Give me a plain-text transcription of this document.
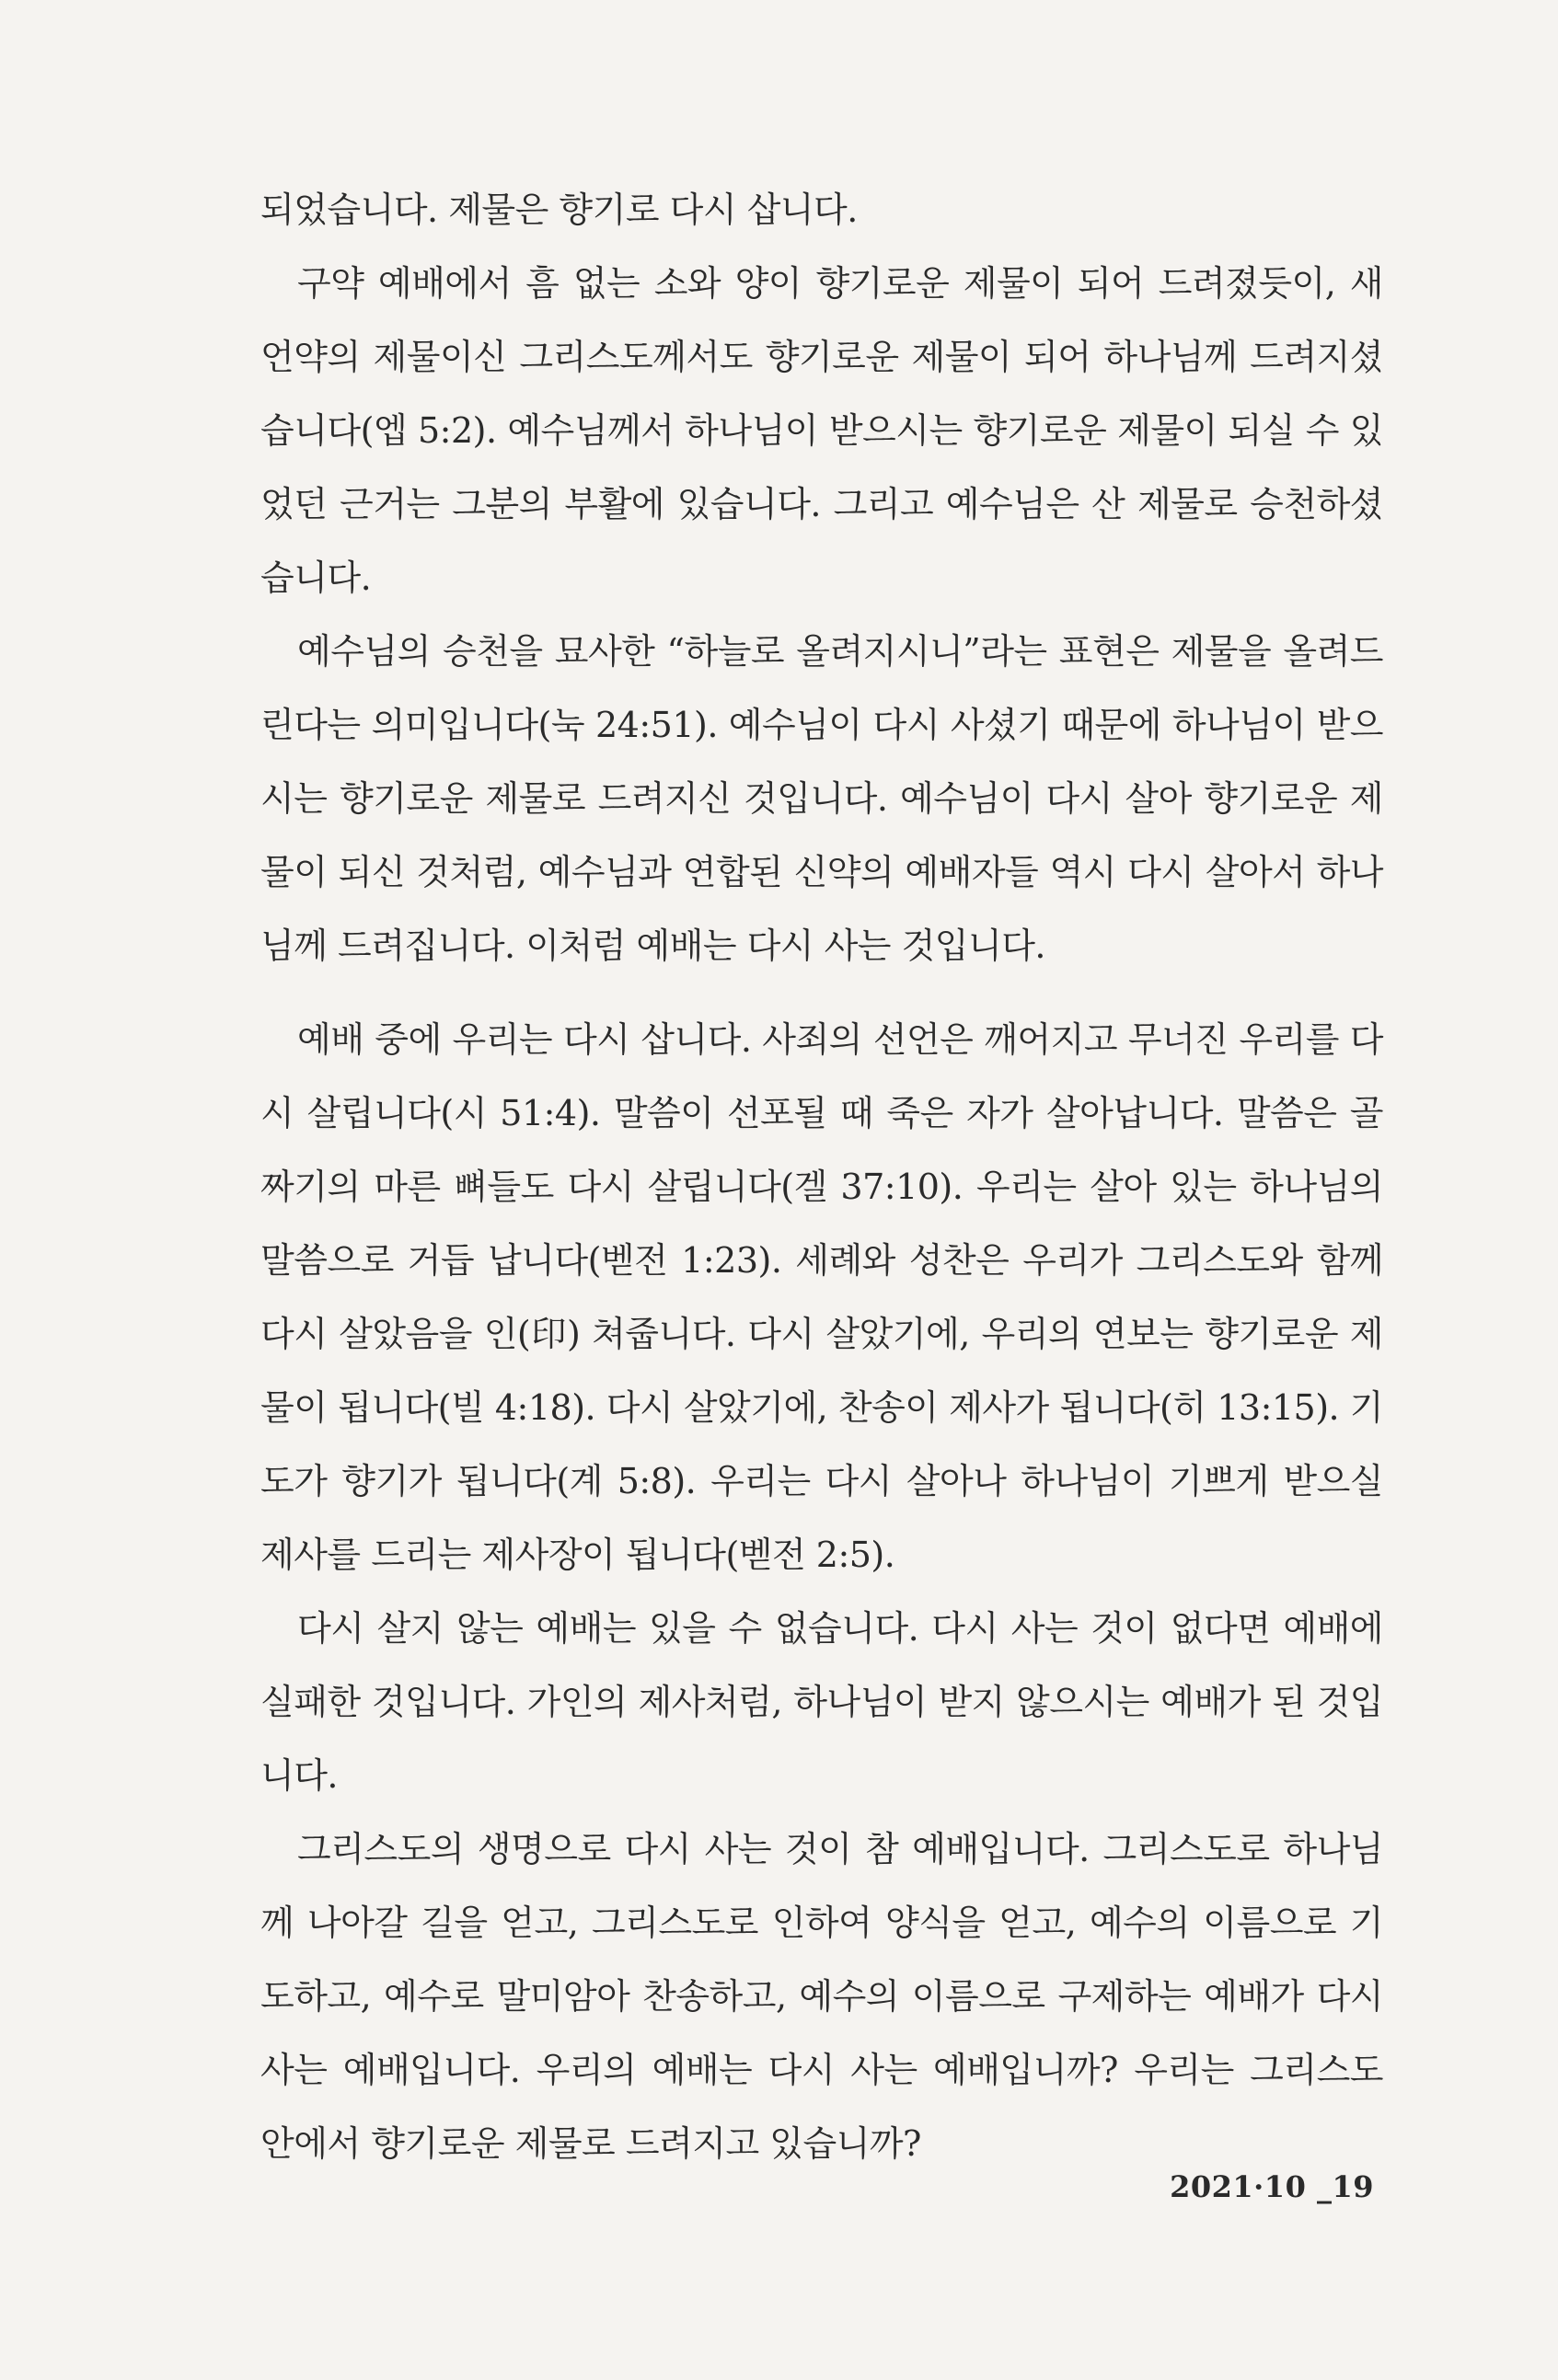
되었습니다. 제물은 향기로 다시 삽니다.

구약 예배에서 흠 없는 소와 양이 향기로운 제물이 되어 드려졌듯이, 새 언약의 제물이신 그리스도께서도 향기로운 제물이 되어 하나님께 드려지셨습니다(엡 5:2). 예수님께서 하나님이 받으시는 향기로운 제물이 되실 수 있었던 근거는 그분의 부활에 있습니다. 그리고 예수님은 산 제물로 승천하셨습니다.

예수님의 승천을 묘사한 “하늘로 올려지시니”라는 표현은 제물을 올려드린다는 의미입니다(눅 24:51). 예수님이 다시 사셨기 때문에 하나님이 받으시는 향기로운 제물로 드려지신 것입니다. 예수님이 다시 살아 향기로운 제물이 되신 것처럼, 예수님과 연합된 신약의 예배자들 역시 다시 살아서 하나님께 드려집니다. 이처럼 예배는 다시 사는 것입니다.

예배 중에 우리는 다시 삽니다. 사죄의 선언은 깨어지고 무너진 우리를 다시 살립니다(시 51:4). 말씀이 선포될 때 죽은 자가 살아납니다. 말씀은 골짜기의 마른 뼈들도 다시 살립니다(겔 37:10). 우리는 살아 있는 하나님의 말씀으로 거듭 납니다(벧전 1:23). 세례와 성찬은 우리가 그리스도와 함께 다시 살았음을 인(印) 쳐줍니다. 다시 살았기에, 우리의 연보는 향기로운 제물이 됩니다(빌 4:18). 다시 살았기에, 찬송이 제사가 됩니다(히 13:15). 기도가 향기가 됩니다(계 5:8). 우리는 다시 살아나 하나님이 기쁘게 받으실 제사를 드리는 제사장이 됩니다(벧전 2:5).

다시 살지 않는 예배는 있을 수 없습니다. 다시 사는 것이 없다면 예배에 실패한 것입니다. 가인의 제사처럼, 하나님이 받지 않으시는 예배가 된 것입니다.

그리스도의 생명으로 다시 사는 것이 참 예배입니다. 그리스도로 하나님께 나아갈 길을 얻고, 그리스도로 인하여 양식을 얻고, 예수의 이름으로 기도하고, 예수로 말미암아 찬송하고, 예수의 이름으로 구제하는 예배가 다시 사는 예배입니다. 우리의 예배는 다시 사는 예배입니까? 우리는 그리스도 안에서 향기로운 제물로 드려지고 있습니까?

2021·10 _19
